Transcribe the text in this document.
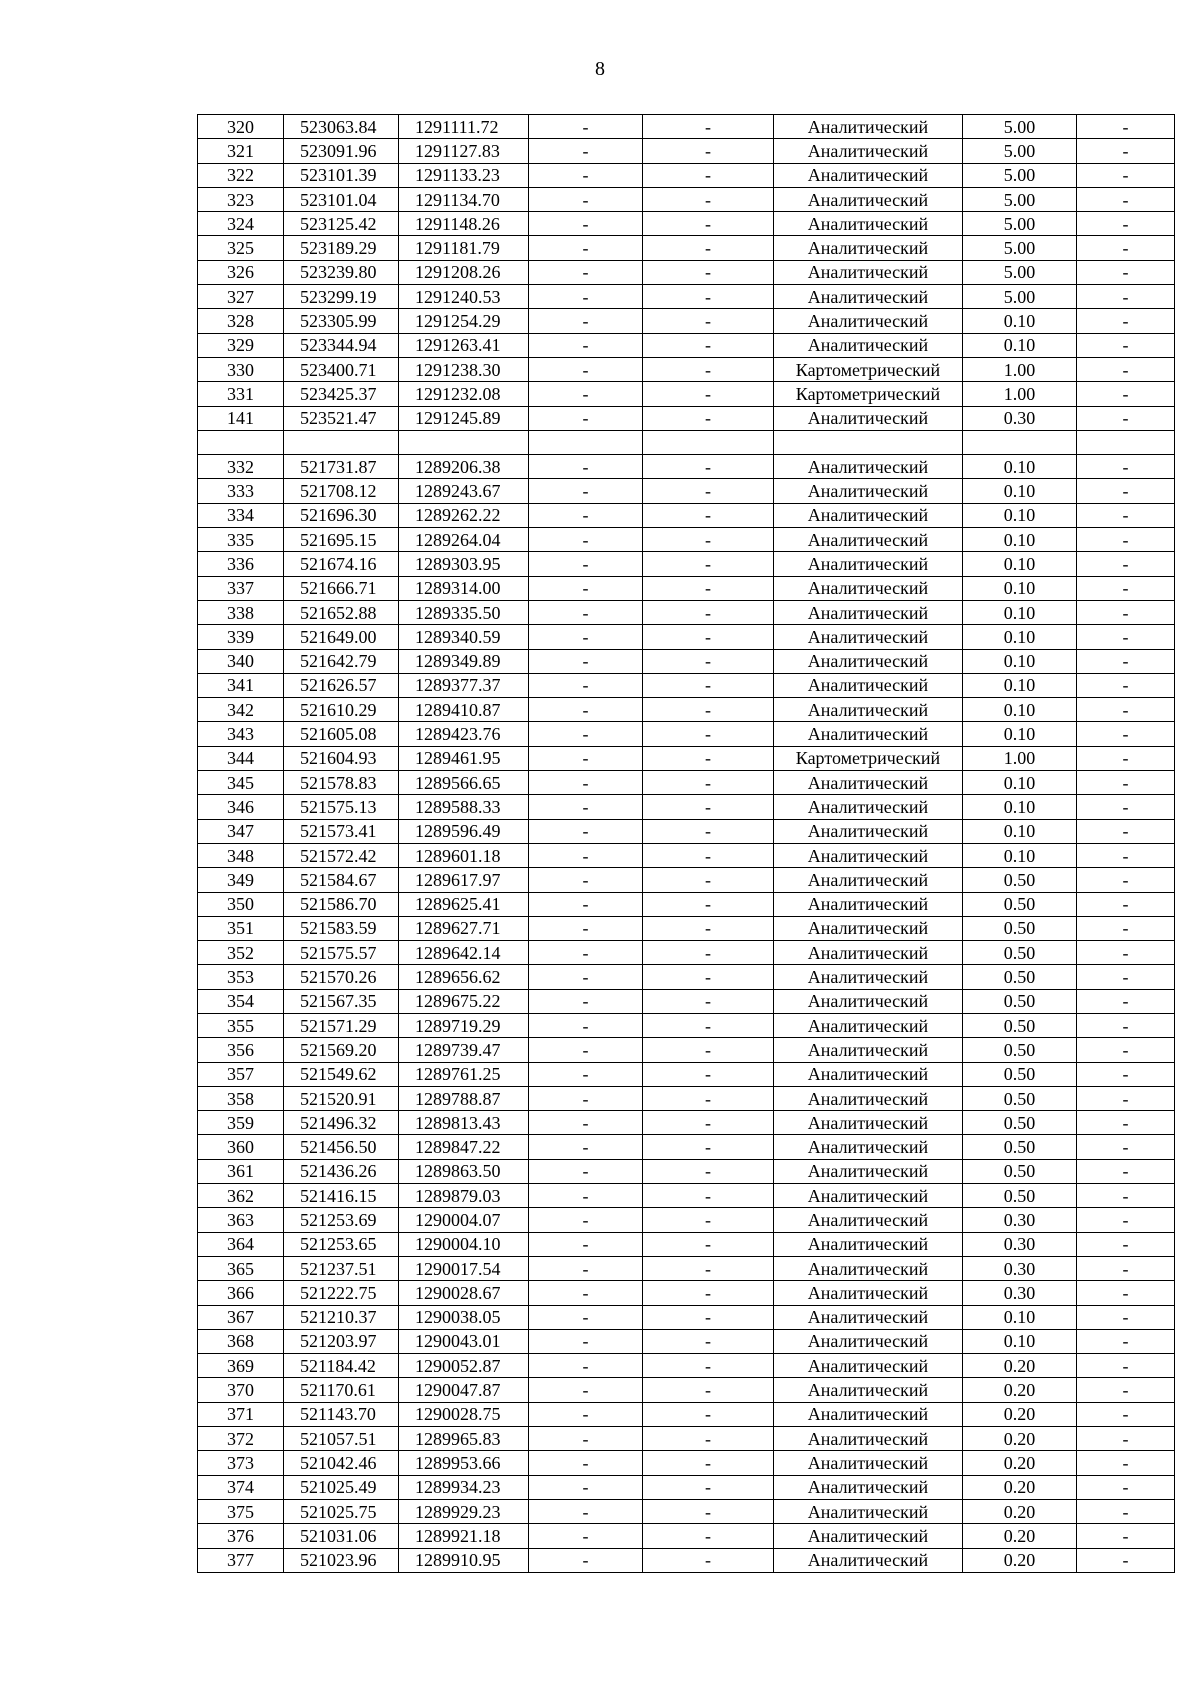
8
320	523063.84	1291111.72	-	-	Аналитический	5.00	-
321	523091.96	1291127.83	-	-	Аналитический	5.00	-
322	523101.39	1291133.23	-	-	Аналитический	5.00	-
323	523101.04	1291134.70	-	-	Аналитический	5.00	-
324	523125.42	1291148.26	-	-	Аналитический	5.00	-
325	523189.29	1291181.79	-	-	Аналитический	5.00	-
326	523239.80	1291208.26	-	-	Аналитический	5.00	-
327	523299.19	1291240.53	-	-	Аналитический	5.00	-
328	523305.99	1291254.29	-	-	Аналитический	0.10	-
329	523344.94	1291263.41	-	-	Аналитический	0.10	-
330	523400.71	1291238.30	-	-	Картометрический	1.00	-
331	523425.37	1291232.08	-	-	Картометрический	1.00	-
141	523521.47	1291245.89	-	-	Аналитический	0.30	-

332	521731.87	1289206.38	-	-	Аналитический	0.10	-
333	521708.12	1289243.67	-	-	Аналитический	0.10	-
334	521696.30	1289262.22	-	-	Аналитический	0.10	-
335	521695.15	1289264.04	-	-	Аналитический	0.10	-
336	521674.16	1289303.95	-	-	Аналитический	0.10	-
337	521666.71	1289314.00	-	-	Аналитический	0.10	-
338	521652.88	1289335.50	-	-	Аналитический	0.10	-
339	521649.00	1289340.59	-	-	Аналитический	0.10	-
340	521642.79	1289349.89	-	-	Аналитический	0.10	-
341	521626.57	1289377.37	-	-	Аналитический	0.10	-
342	521610.29	1289410.87	-	-	Аналитический	0.10	-
343	521605.08	1289423.76	-	-	Аналитический	0.10	-
344	521604.93	1289461.95	-	-	Картометрический	1.00	-
345	521578.83	1289566.65	-	-	Аналитический	0.10	-
346	521575.13	1289588.33	-	-	Аналитический	0.10	-
347	521573.41	1289596.49	-	-	Аналитический	0.10	-
348	521572.42	1289601.18	-	-	Аналитический	0.10	-
349	521584.67	1289617.97	-	-	Аналитический	0.50	-
350	521586.70	1289625.41	-	-	Аналитический	0.50	-
351	521583.59	1289627.71	-	-	Аналитический	0.50	-
352	521575.57	1289642.14	-	-	Аналитический	0.50	-
353	521570.26	1289656.62	-	-	Аналитический	0.50	-
354	521567.35	1289675.22	-	-	Аналитический	0.50	-
355	521571.29	1289719.29	-	-	Аналитический	0.50	-
356	521569.20	1289739.47	-	-	Аналитический	0.50	-
357	521549.62	1289761.25	-	-	Аналитический	0.50	-
358	521520.91	1289788.87	-	-	Аналитический	0.50	-
359	521496.32	1289813.43	-	-	Аналитический	0.50	-
360	521456.50	1289847.22	-	-	Аналитический	0.50	-
361	521436.26	1289863.50	-	-	Аналитический	0.50	-
362	521416.15	1289879.03	-	-	Аналитический	0.50	-
363	521253.69	1290004.07	-	-	Аналитический	0.30	-
364	521253.65	1290004.10	-	-	Аналитический	0.30	-
365	521237.51	1290017.54	-	-	Аналитический	0.30	-
366	521222.75	1290028.67	-	-	Аналитический	0.30	-
367	521210.37	1290038.05	-	-	Аналитический	0.10	-
368	521203.97	1290043.01	-	-	Аналитический	0.10	-
369	521184.42	1290052.87	-	-	Аналитический	0.20	-
370	521170.61	1290047.87	-	-	Аналитический	0.20	-
371	521143.70	1290028.75	-	-	Аналитический	0.20	-
372	521057.51	1289965.83	-	-	Аналитический	0.20	-
373	521042.46	1289953.66	-	-	Аналитический	0.20	-
374	521025.49	1289934.23	-	-	Аналитический	0.20	-
375	521025.75	1289929.23	-	-	Аналитический	0.20	-
376	521031.06	1289921.18	-	-	Аналитический	0.20	-
377	521023.96	1289910.95	-	-	Аналитический	0.20	-
